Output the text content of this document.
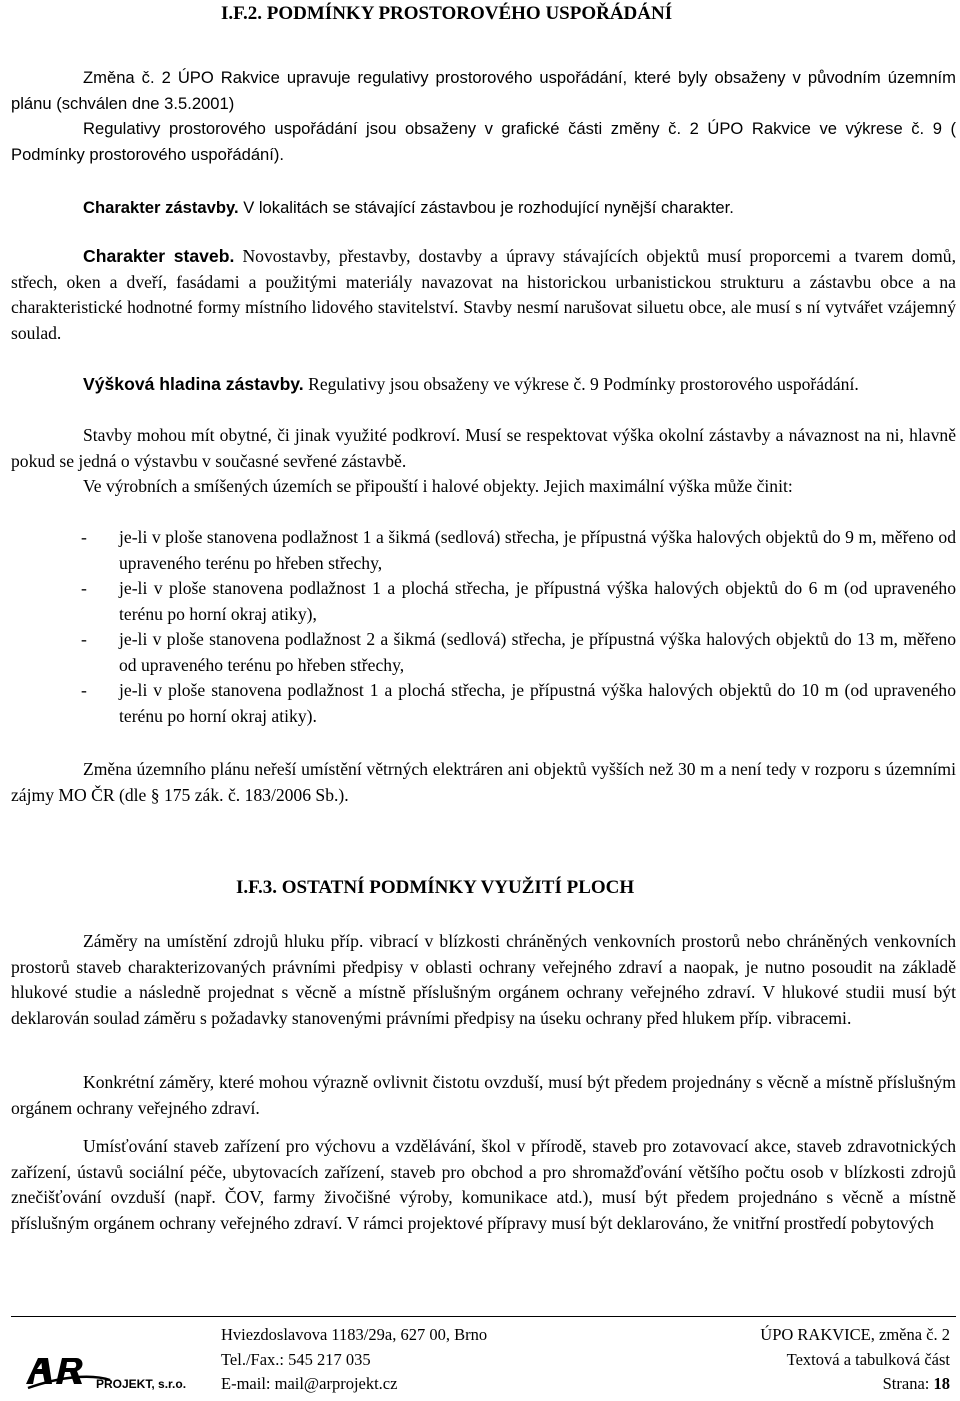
I.F.2. PODMÍNKY PROSTOROVÉHO USPOŘÁDÁNÍ

Změna č. 2 ÚPO Rakvice upravuje regulativy prostorového uspořádání, které byly obsaženy v původním územním plánu (schválen dne 3.5.2001)

Regulativy prostorového uspořádání jsou obsaženy v grafické části změny č. 2 ÚPO Rakvice ve výkrese č. 9 ( Podmínky prostorového uspořádání).

Charakter zástavby. V lokalitách se stávající zástavbou je rozhodující nynější charakter.

Charakter staveb. Novostavby, přestavby, dostavby a úpravy stávajících objektů musí proporcemi a tvarem domů, střech, oken a dveří, fasádami a použitými materiály navazovat na historickou urbanistickou strukturu a zástavbu obce a na charakteristické hodnotné formy místního lidového stavitelství. Stavby nesmí narušovat siluetu obce, ale musí s ní vytvářet vzájemný soulad.

Výšková hladina zástavby. Regulativy jsou obsaženy ve výkrese č. 9 Podmínky prostorového uspořádání.

Stavby mohou mít obytné, či jinak využité podkroví. Musí se respektovat výška okolní zástavby a návaznost na ni, hlavně pokud se jedná o výstavbu v současné sevřené zástavbě.

Ve výrobních a smíšených územích se připouští i halové objekty. Jejich maximální výška může činit:

- je-li v ploše stanovena podlažnost 1 a šikmá (sedlová) střecha, je přípustná výška halových objektů do 9 m, měřeno od upraveného terénu po hřeben střechy,
- je-li v ploše stanovena podlažnost 1 a plochá střecha, je přípustná výška halových objektů do 6 m (od upraveného terénu po horní okraj atiky),
- je-li v ploše stanovena podlažnost 2 a šikmá (sedlová) střecha, je přípustná výška halových objektů do 13 m, měřeno od upraveného terénu po hřeben střechy,
- je-li v ploše stanovena podlažnost 1 a plochá střecha, je přípustná výška halových objektů do 10 m (od upraveného terénu po horní okraj atiky).

Změna územního plánu neřeší umístění větrných elektráren ani objektů vyšších než 30 m a není tedy v rozporu s územními zájmy MO ČR (dle § 175 zák. č. 183/2006 Sb.).

I.F.3. OSTATNÍ PODMÍNKY VYUŽITÍ PLOCH

Záměry na umístění zdrojů hluku příp. vibrací v blízkosti chráněných venkovních prostorů nebo chráněných venkovních prostorů staveb charakterizovaných právními předpisy v oblasti ochrany veřejného zdraví a naopak, je nutno posoudit na základě hlukové studie a následně projednat s věcně a místně příslušným orgánem ochrany veřejného zdraví. V hlukové studii musí být deklarován soulad záměru s požadavky stanovenými právními předpisy na úseku ochrany před hlukem příp. vibracemi.

Konkrétní záměry, které mohou výrazně ovlivnit čistotu ovzduší, musí být předem projednány s věcně a místně příslušným orgánem ochrany veřejného zdraví.

Umísťování staveb zařízení pro výchovu a vzdělávání, škol v přírodě, staveb pro zotavovací akce, staveb zdravotnických zařízení, ústavů sociální péče, ubytovacích zařízení, staveb pro obchod a pro shromažďování většího počtu osob v blízkosti zdrojů znečišťování ovzduší (např. ČOV, farmy živočišné výroby, komunikace atd.), musí být předem projednáno s věcně a místně příslušným orgánem ochrany veřejného zdraví. V rámci projektové přípravy musí být deklarováno, že vnitřní prostředí pobytových

PROJEKT, s.r.o.
Hviezdoslavova 1183/29a, 627 00, Brno
Tel./Fax.: 545 217 035
E-mail: mail@arprojekt.cz
ÚPO RAKVICE, změna č. 2
Textová a tabulková část
Strana: 18
